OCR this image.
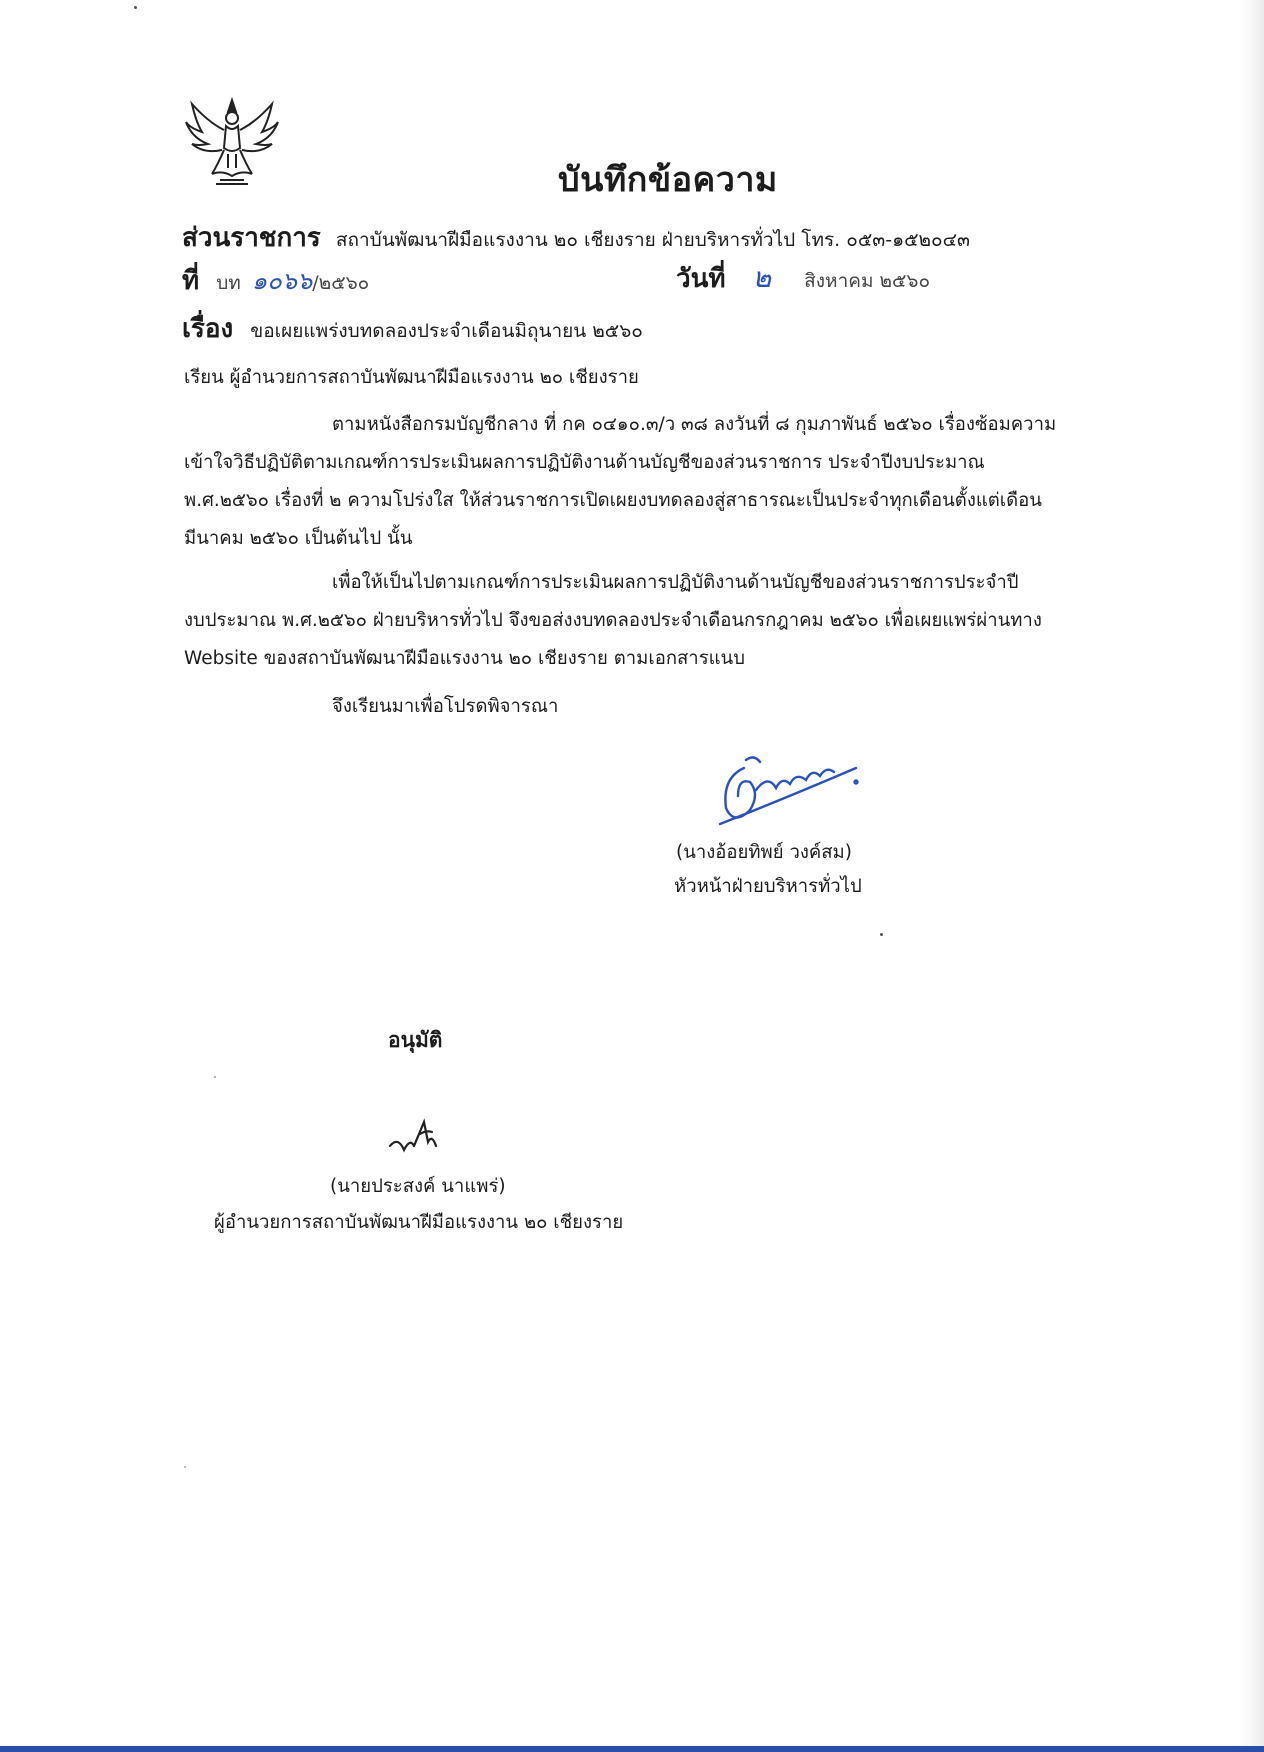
บันทึกข้อความ
ส่วนราชการ สถาบันพัฒนาฝีมือแรงงาน ๒๐ เชียงราย ฝ่ายบริหารทั่วไป โทร. ๐๕๓-๑๕๒๐๔๓
ที่ บท ๑๐๖๖/๒๕๖๐	วันที่ ๒ สิงหาคม ๒๕๖๐
เรื่อง ขอเผยแพร่งบทดลองประจำเดือนมิถุนายน ๒๕๖๐
เรียน ผู้อำนวยการสถาบันพัฒนาฝีมือแรงงาน ๒๐ เชียงราย
ตามหนังสือกรมบัญชีกลาง ที่ กค ๐๔๑๐.๓/ว ๓๘ ลงวันที่ ๘ กุมภาพันธ์ ๒๕๖๐ เรื่องซ้อมความ
เข้าใจวิธีปฏิบัติตามเกณฑ์การประเมินผลการปฏิบัติงานด้านบัญชีของส่วนราชการ ประจำปีงบประมาณ
พ.ศ.๒๕๖๐ เรื่องที่ ๒ ความโปร่งใส ให้ส่วนราชการเปิดเผยงบทดลองสู่สาธารณะเป็นประจำทุกเดือนตั้งแต่เดือน
มีนาคม ๒๕๖๐ เป็นต้นไป นั้น
เพื่อให้เป็นไปตามเกณฑ์การประเมินผลการปฏิบัติงานด้านบัญชีของส่วนราชการประจำปี
งบประมาณ พ.ศ.๒๕๖๐ ฝ่ายบริหารทั่วไป จึงขอส่งงบทดลองประจำเดือนกรกฎาคม ๒๕๖๐ เพื่อเผยแพร่ผ่านทาง
Website ของสถาบันพัฒนาฝีมือแรงงาน ๒๐ เชียงราย ตามเอกสารแนบ
จึงเรียนมาเพื่อโปรดพิจารณา
(นางอ้อยทิพย์ วงค์สม)
หัวหน้าฝ่ายบริหารทั่วไป
อนุมัติ
(นายประสงค์ นาแพร่)
ผู้อำนวยการสถาบันพัฒนาฝีมือแรงงาน ๒๐ เชียงราย
